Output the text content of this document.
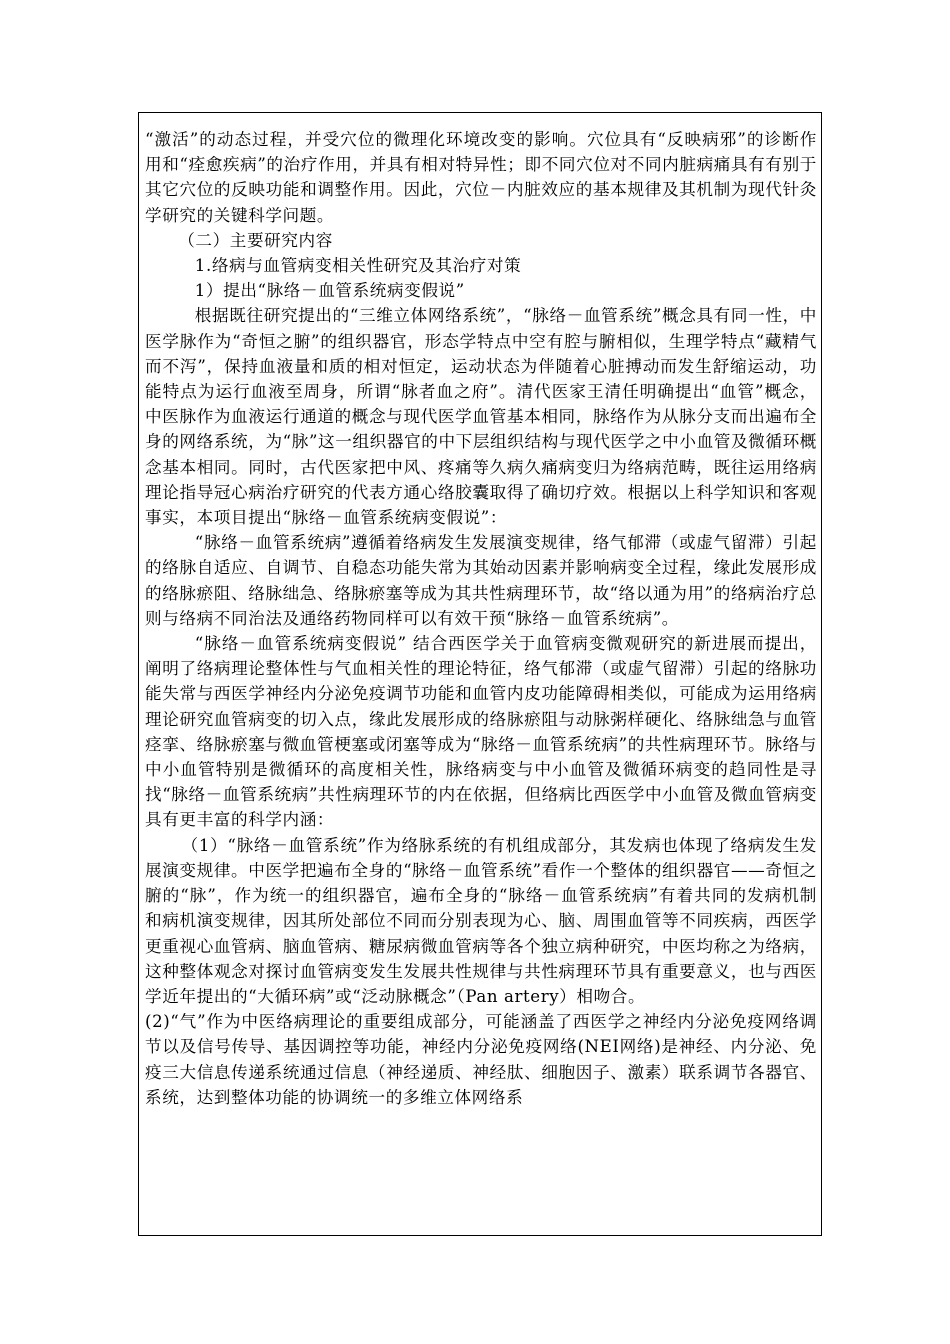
“激活”的动态过程，并受穴位的微理化环境改变的影响。穴位具有“反映病邪”的诊断作用和“痊愈疾病”的治疗作用，并具有相对特异性；即不同穴位对不同内脏病痛具有有别于其它穴位的反映功能和调整作用。因此，穴位－内脏效应的基本规律及其机制为现代针灸学研究的关键科学问题。

（二）主要研究内容

1.络病与血管病变相关性研究及其治疗对策

1）提出“脉络－血管系统病变假说”

根据既往研究提出的“三维立体网络系统”，“脉络－血管系统”概念具有同一性，中医学脉作为“奇恒之腑”的组织器官，形态学特点中空有腔与腑相似，生理学特点“藏精气而不泻”，保持血液量和质的相对恒定，运动状态为伴随着心脏搏动而发生舒缩运动，功能特点为运行血液至周身，所谓“脉者血之府”。清代医家王清任明确提出“血管”概念，中医脉作为血液运行通道的概念与现代医学血管基本相同，脉络作为从脉分支而出遍布全身的网络系统，为“脉”这一组织器官的中下层组织结构与现代医学之中小血管及微循环概念基本相同。同时，古代医家把中风、疼痛等久病久痛病变归为络病范畴，既往运用络病理论指导冠心病治疗研究的代表方通心络胶囊取得了确切疗效。根据以上科学知识和客观事实，本项目提出“脉络－血管系统病变假说”：

“脉络－血管系统病”遵循着络病发生发展演变规律，络气郁滞（或虚气留滞）引起的络脉自适应、自调节、自稳态功能失常为其始动因素并影响病变全过程，缘此发展形成的络脉瘀阻、络脉绌急、络脉瘀塞等成为其共性病理环节，故“络以通为用”的络病治疗总则与络病不同治法及通络药物同样可以有效干预“脉络－血管系统病”。

“脉络－血管系统病变假说” 结合西医学关于血管病变微观研究的新进展而提出，阐明了络病理论整体性与气血相关性的理论特征，络气郁滞（或虚气留滞）引起的络脉功能失常与西医学神经内分泌免疫调节功能和血管内皮功能障碍相类似，可能成为运用络病理论研究血管病变的切入点，缘此发展形成的络脉瘀阻与动脉粥样硬化、络脉绌急与血管痉挛、络脉瘀塞与微血管梗塞或闭塞等成为“脉络－血管系统病”的共性病理环节。脉络与中小血管特别是微循环的高度相关性，脉络病变与中小血管及微循环病变的趋同性是寻找“脉络－血管系统病”共性病理环节的内在依据，但络病比西医学中小血管及微血管病变具有更丰富的科学内涵：

（1）“脉络－血管系统”作为络脉系统的有机组成部分，其发病也体现了络病发生发展演变规律。中医学把遍布全身的“脉络－血管系统”看作一个整体的组织器官——奇恒之腑的“脉”，作为统一的组织器官，遍布全身的“脉络－血管系统病”有着共同的发病机制和病机演变规律，因其所处部位不同而分别表现为心、脑、周围血管等不同疾病，西医学更重视心血管病、脑血管病、糖尿病微血管病等各个独立病种研究，中医均称之为络病，这种整体观念对探讨血管病变发生发展共性规律与共性病理环节具有重要意义，也与西医学近年提出的“大循环病”或“泛动脉概念”（Pan artery）相吻合。

(2)“气”作为中医络病理论的重要组成部分，可能涵盖了西医学之神经内分泌免疫网络调节以及信号传导、基因调控等功能，神经内分泌免疫网络(NEI网络)是神经、内分泌、免疫三大信息传递系统通过信息（神经递质、神经肽、细胞因子、激素）联系调节各器官、系统，达到整体功能的协调统一的多维立体网络系
